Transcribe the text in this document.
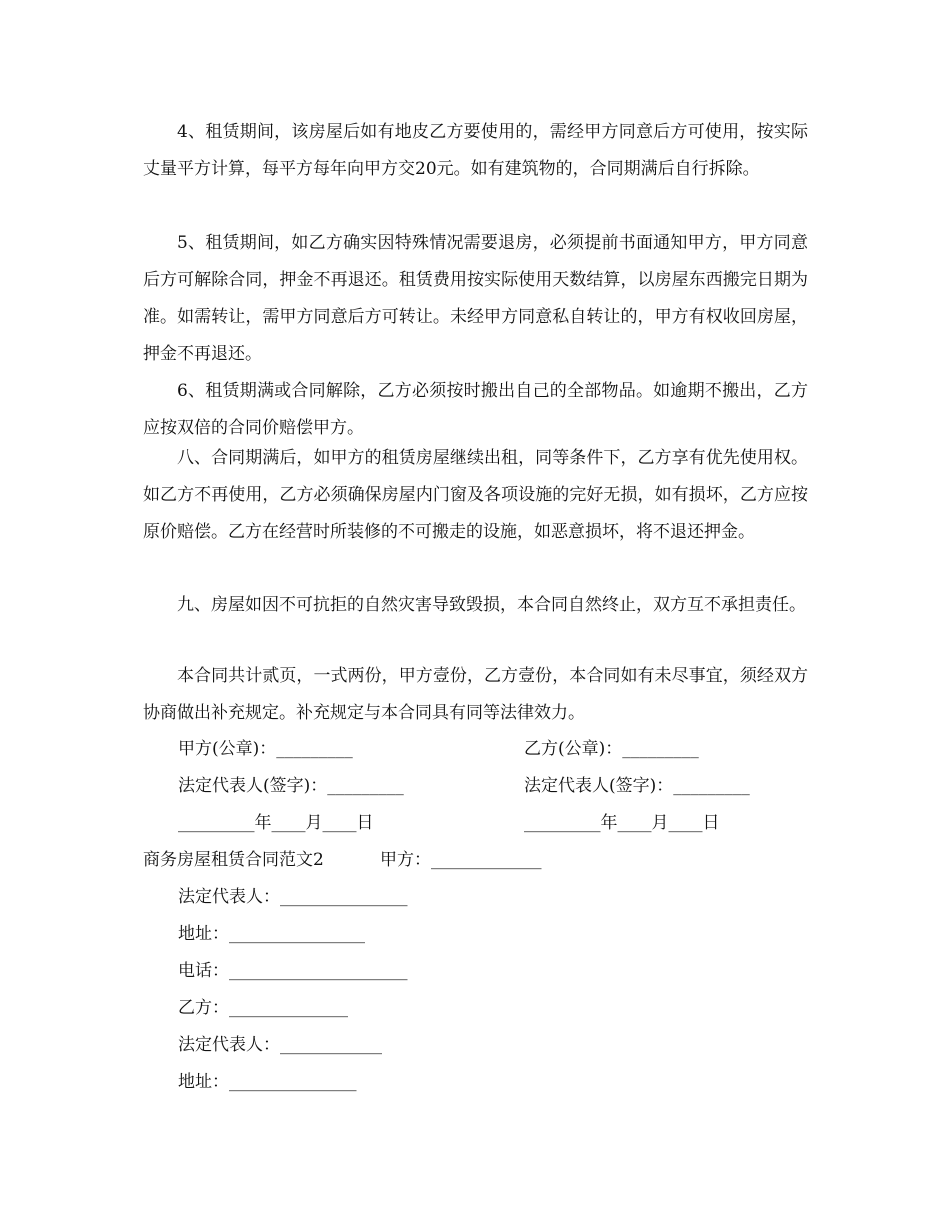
4、租赁期间，该房屋后如有地皮乙方要使用的，需经甲方同意后方可使用，按实际丈量平方计算，每平方每年向甲方交20元。如有建筑物的，合同期满后自行拆除。

5、租赁期间，如乙方确实因特殊情况需要退房，必须提前书面通知甲方，甲方同意后方可解除合同，押金不再退还。租赁费用按实际使用天数结算，以房屋东西搬完日期为准。如需转让，需甲方同意后方可转让。未经甲方同意私自转让的，甲方有权收回房屋，押金不再退还。

6、租赁期满或合同解除，乙方必须按时搬出自己的全部物品。如逾期不搬出，乙方应按双倍的合同价赔偿甲方。

八、合同期满后，如甲方的租赁房屋继续出租，同等条件下，乙方享有优先使用权。如乙方不再使用，乙方必须确保房屋内门窗及各项设施的完好无损，如有损坏，乙方应按原价赔偿。乙方在经营时所装修的不可搬走的设施，如恶意损坏，将不退还押金。

九、房屋如因不可抗拒的自然灾害导致毁损，本合同自然终止，双方互不承担责任。

本合同共计贰页，一式两份，甲方壹份，乙方壹份，本合同如有未尽事宜，须经双方协商做出补充规定。补充规定与本合同具有同等法律效力。

甲方(公章)：_________	乙方(公章)：_________
法定代表人(签字)：_________	法定代表人(签字)：_________
_________年____月____日	_________年____月____日
商务房屋租赁合同范文2	甲方：_____________
法定代表人：_______________
地址：________________
电话：_____________________
乙方：______________
法定代表人：____________
地址：_______________
